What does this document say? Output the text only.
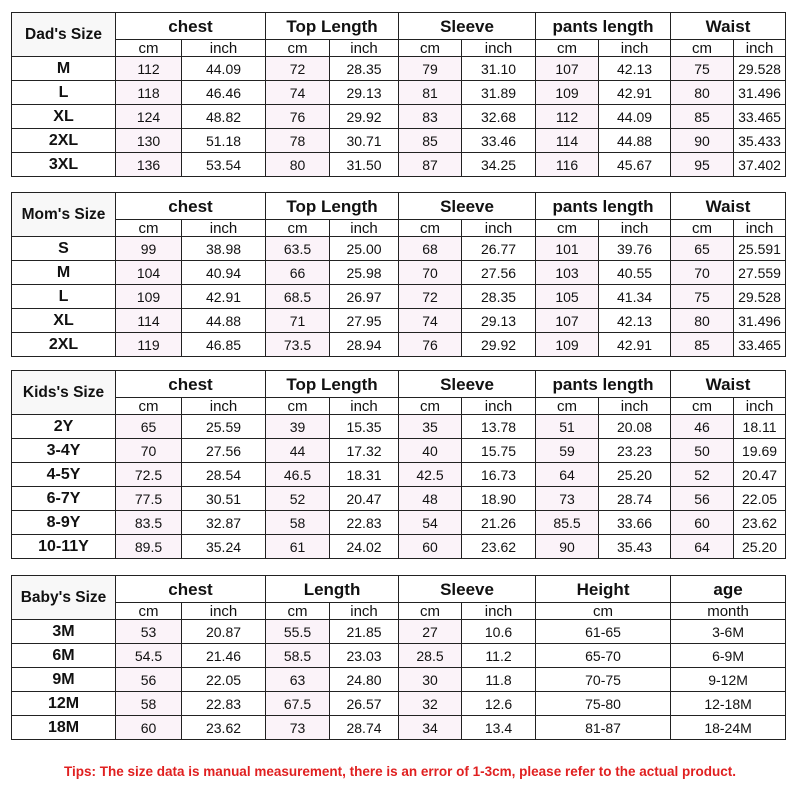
Dad's Size	chest		Top Length		Sleeve		pants length		Waist	
	cm	inch	cm	inch	cm	inch	cm	inch	cm	inch
M	112	44.09	72	28.35	79	31.10	107	42.13	75	29.528
L	118	46.46	74	29.13	81	31.89	109	42.91	80	31.496
XL	124	48.82	76	29.92	83	32.68	112	44.09	85	33.465
2XL	130	51.18	78	30.71	85	33.46	114	44.88	90	35.433
3XL	136	53.54	80	31.50	87	34.25	116	45.67	95	37.402
Mom's Size	chest		Top Length		Sleeve		pants length		Waist	
	cm	inch	cm	inch	cm	inch	cm	inch	cm	inch
S	99	38.98	63.5	25.00	68	26.77	101	39.76	65	25.591
M	104	40.94	66	25.98	70	27.56	103	40.55	70	27.559
L	109	42.91	68.5	26.97	72	28.35	105	41.34	75	29.528
XL	114	44.88	71	27.95	74	29.13	107	42.13	80	31.496
2XL	119	46.85	73.5	28.94	76	29.92	109	42.91	85	33.465
Kids's Size	chest		Top Length		Sleeve		pants length		Waist	
	cm	inch	cm	inch	cm	inch	cm	inch	cm	inch
2Y	65	25.59	39	15.35	35	13.78	51	20.08	46	18.11
3-4Y	70	27.56	44	17.32	40	15.75	59	23.23	50	19.69
4-5Y	72.5	28.54	46.5	18.31	42.5	16.73	64	25.20	52	20.47
6-7Y	77.5	30.51	52	20.47	48	18.90	73	28.74	56	22.05
8-9Y	83.5	32.87	58	22.83	54	21.26	85.5	33.66	60	23.62
10-11Y	89.5	35.24	61	24.02	60	23.62	90	35.43	64	25.20
Baby's Size	chest		Length		Sleeve		Height	age
	cm	inch	cm	inch	cm	inch	cm	month
3M	53	20.87	55.5	21.85	27	10.6	61-65	3-6M
6M	54.5	21.46	58.5	23.03	28.5	11.2	65-70	6-9M
9M	56	22.05	63	24.80	30	11.8	70-75	9-12M
12M	58	22.83	67.5	26.57	32	12.6	75-80	12-18M
18M	60	23.62	73	28.74	34	13.4	81-87	18-24M
Tips: The size data is manual measurement, there is an error of 1-3cm, please refer to the actual product.
